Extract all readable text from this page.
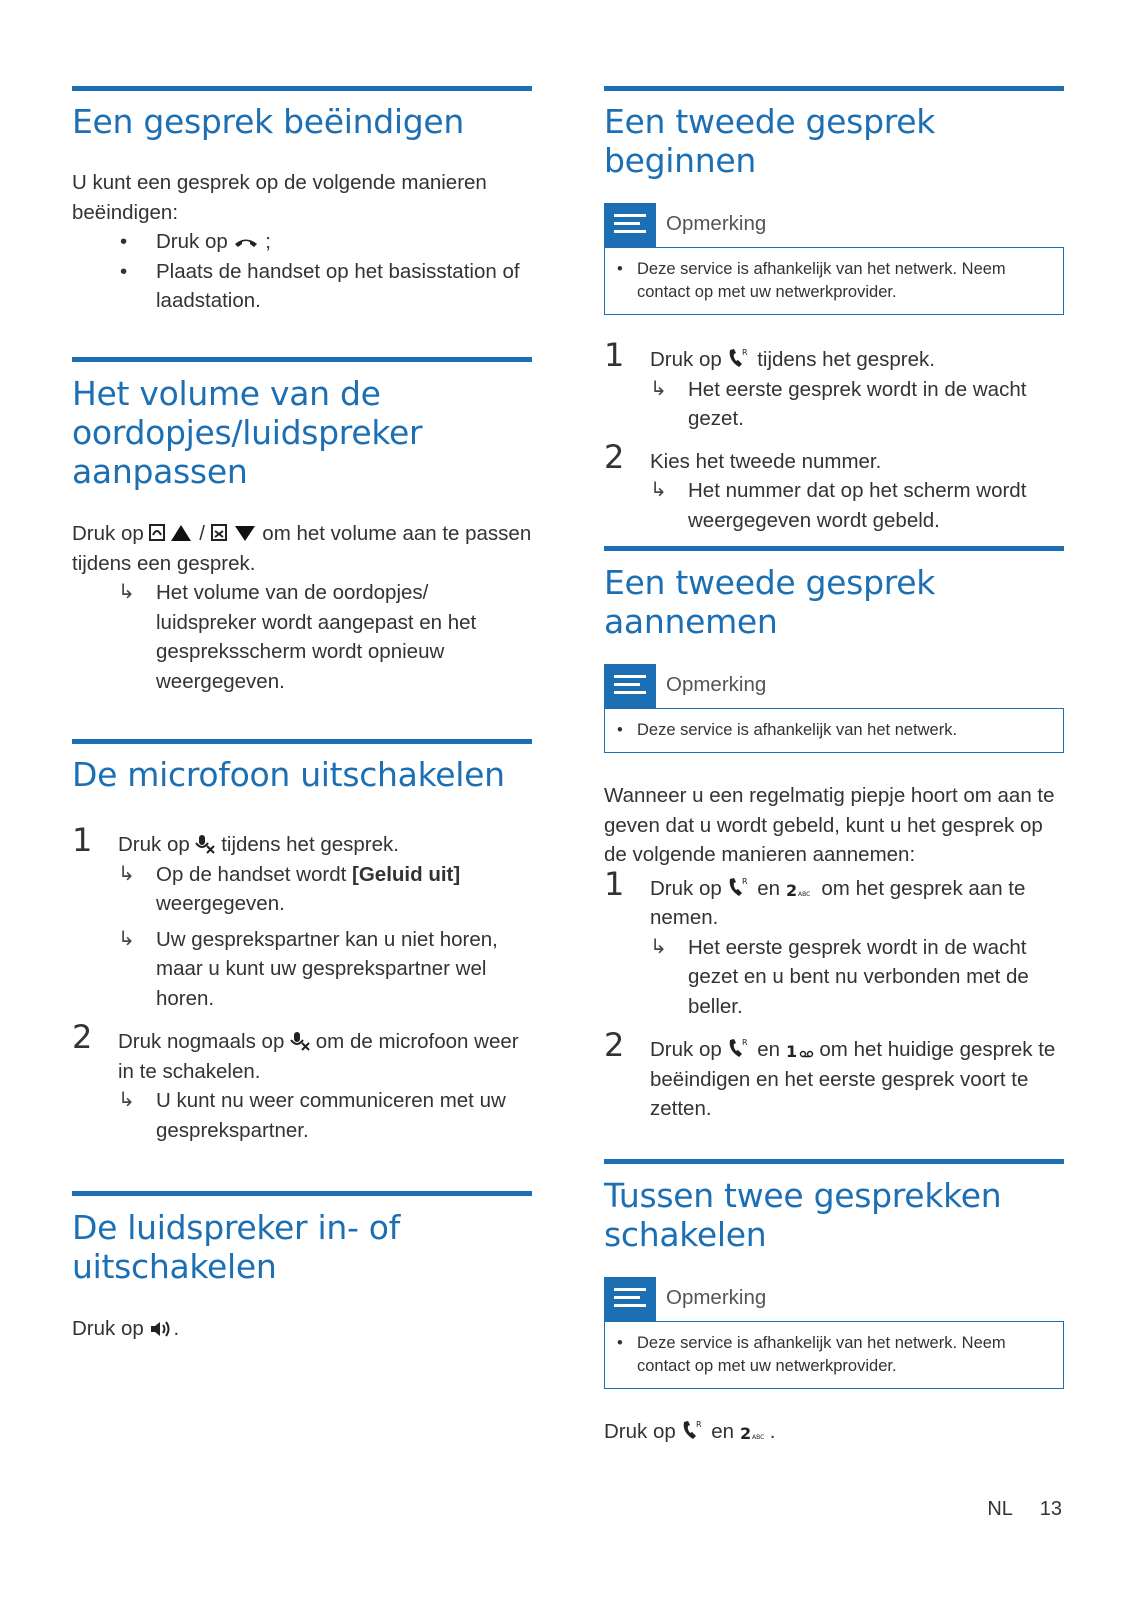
Een gesprek beëindigen

U kunt een gesprek op de volgende manieren beëindigen:

• Druk op ;
• Plaats de handset op het basisstation of laadstation.
Het volume van de
oordopjes/luidspreker
aanpassen

Druk op	/	om het volume aan te passen tijdens een gesprek.

↳ Het volume van de oordopjes/ luidspreker wordt aangepast en het gespreksscherm wordt opnieuw weergegeven.
De microfoon uitschakelen
1 Druk op tijdens het gesprek.
↳ Op de handset wordt [Geluid uit] weergegeven.
↳ Uw gesprekspartner kan u niet horen, maar u kunt uw gesprekspartner wel horen.
2 Druk nogmaals op om de microfoon weer in te schakelen.
↳ U kunt nu weer communiceren met uw gesprekspartner.
De luidspreker in- of
uitschakelen

Druk op .

Een tweede gesprek beginnen
Opmerking
• Deze service is afhankelijk van het netwerk. Neem contact op met uw netwerkprovider.
1 Druk op	R tijdens het gesprek.
↳ Het eerste gesprek wordt in de wacht gezet.
2 Kies het tweede nummer.
↳ Het nummer dat op het scherm wordt weergegeven wordt gebeld.
Een tweede gesprek
aannemen
Opmerking
• Deze service is afhankelijk van het netwerk.

Wanneer u een regelmatig piepje hoort om aan te geven dat u wordt gebeld, kunt u het gesprek op de volgende manieren aannemen:

1 Druk op	R en 2 ABC om het gesprek aan te nemen.
↳ Het eerste gesprek wordt in de wacht gezet en u bent nu verbonden met de beller.
2 Druk op	R en 1 om het huidige gesprek te beëindigen en het eerste gesprek voort te zetten.
Tussen twee gesprekken
schakelen
Opmerking
• Deze service is afhankelijk van het netwerk. Neem contact op met uw netwerkprovider.

Druk op	R en 2 ABC .

NL 13
